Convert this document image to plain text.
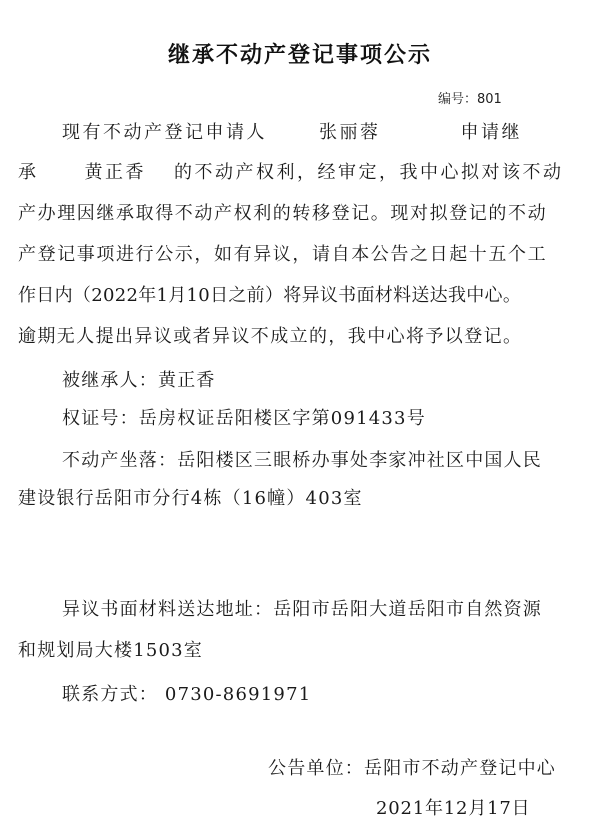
继承不动产登记事项公示
编号：801
现有不动产登记申请人	张丽蓉	申请继
承	黄正香 的不动产权利，经审定，我中心拟对该不动
产办理因继承取得不动产权利的转移登记。现对拟登记的不动
产登记事项进行公示，如有异议，请自本公告之日起十五个工
作日内（2022年1月10日之前）将异议书面材料送达我中心。
逾期无人提出异议或者异议不成立的，我中心将予以登记。
被继承人：黄正香
权证号：岳房权证岳阳楼区字第091433号
不动产坐落：岳阳楼区三眼桥办事处李家冲社区中国人民
建设银行岳阳市分行4栋（16幢）403室
异议书面材料送达地址：岳阳市岳阳大道岳阳市自然资源
和规划局大楼1503室
联系方式： 0730-8691971
公告单位：岳阳市不动产登记中心
2021年12月17日
